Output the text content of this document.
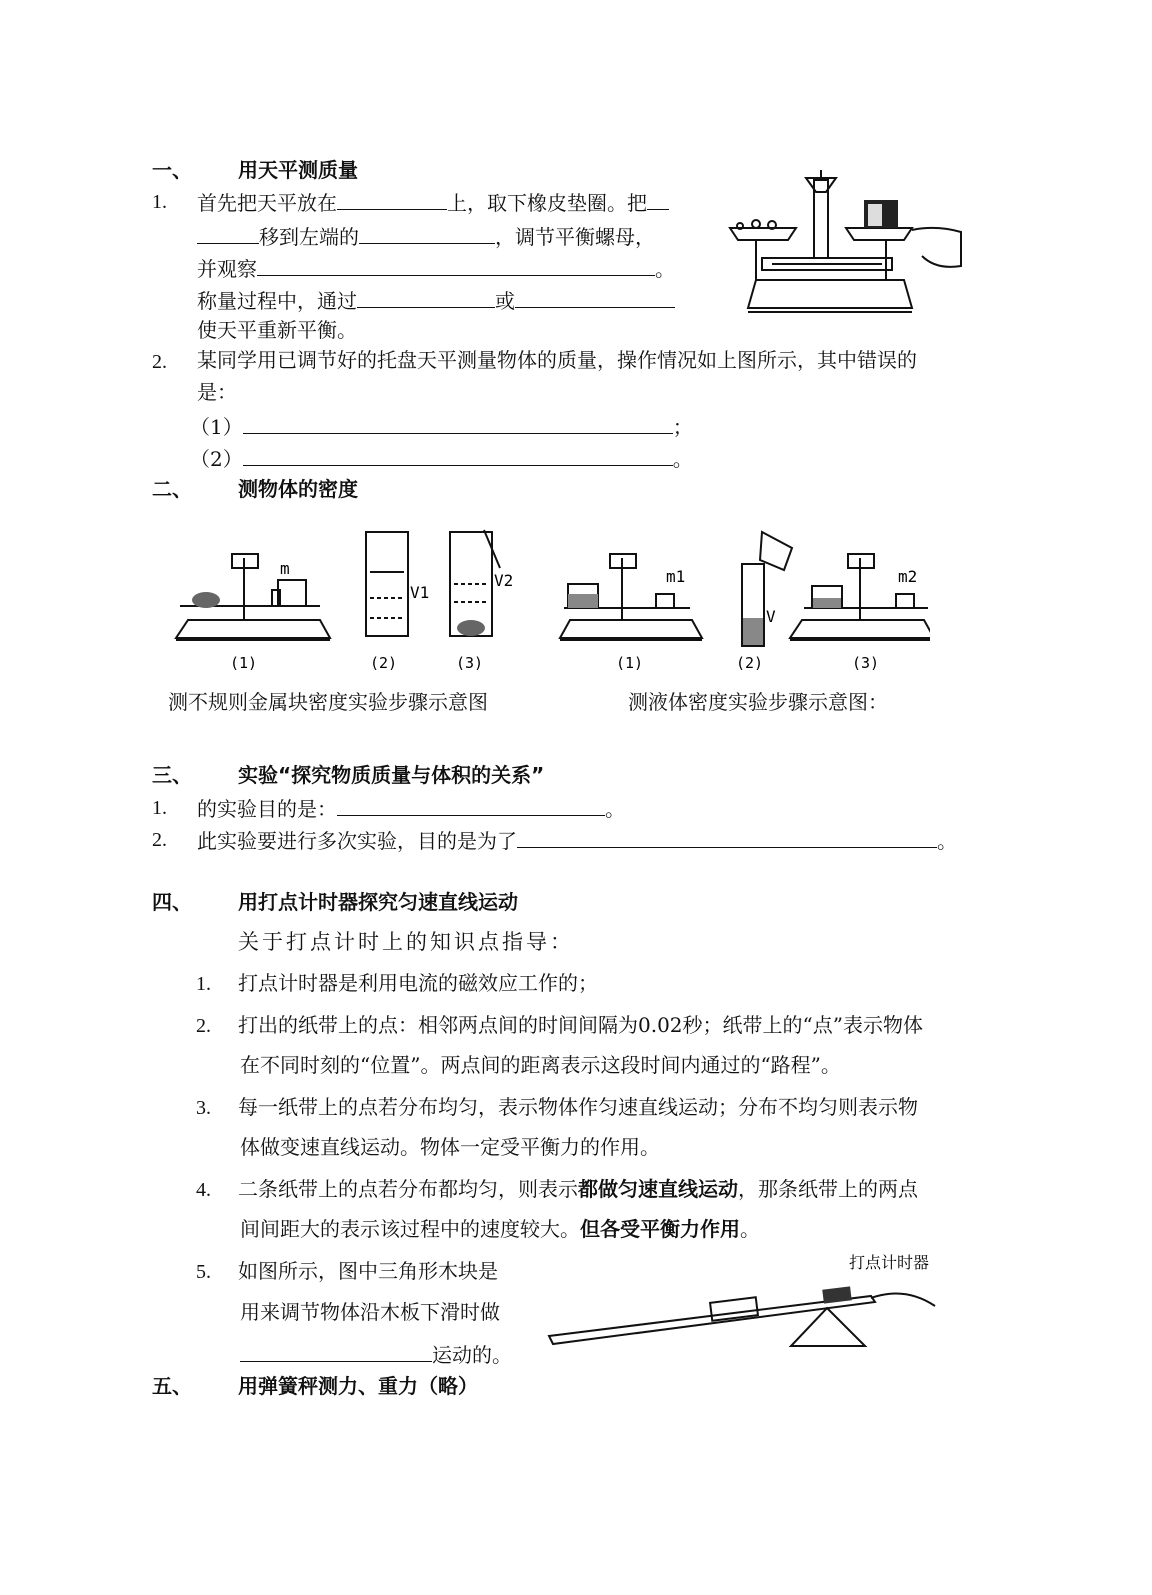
一、 用天平测质量
1. 首先把天平放在	上，取下橡皮垫圈。把
移到左端的	，调节平衡螺母，
并观察	。
称量过程中，通过	或
使天平重新平衡。
2. 某同学用已调节好的托盘天平测量物体的质量，操作情况如上图所示，其中错误的
是：
（1）	；
（2）	。
二、 测物体的密度
m
V1
V2	m1
V
m2
(1)	(2)	(3)	(1)	(2)	(3)
测不规则金属块密度实验步骤示意图	测液体密度实验步骤示意图：
三、 实验“探究物质质量与体积的关系”
1. 的实验目的是：	。
2. 此实验要进行多次实验，目的是为了	。
四、 用打点计时器探究匀速直线运动
关于打点计时上的知识点指导：
1. 打点计时器是利用电流的磁效应工作的；
2. 打出的纸带上的点：相邻两点间的时间间隔为0.02秒；纸带上的“点”表示物体
在不同时刻的“位置”。两点间的距离表示这段时间内通过的“路程”。
3. 每一纸带上的点若分布均匀，表示物体作匀速直线运动；分布不均匀则表示物
体做变速直线运动。物体一定受平衡力的作用。
4. 二条纸带上的点若分布都均匀，则表示都做匀速直线运动，那条纸带上的两点
间间距大的表示该过程中的速度较大。但各受平衡力作用。
5. 如图所示，图中三角形木块是
用来调节物体沿木板下滑时做
运动的。
打点计时器
五、 用弹簧秤测力、重力（略）
